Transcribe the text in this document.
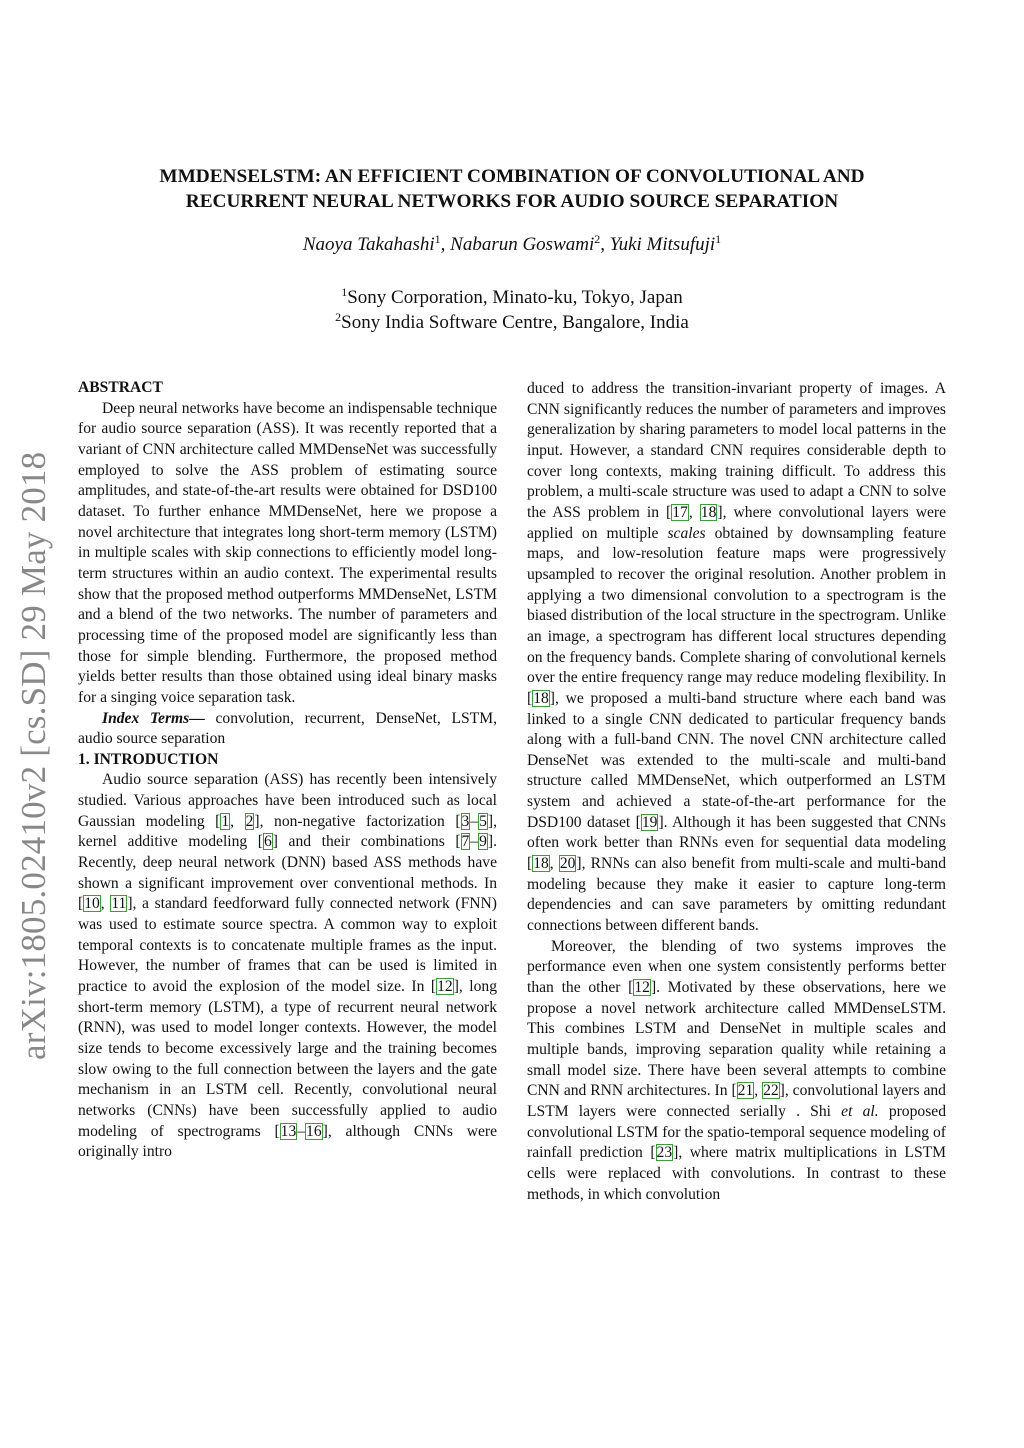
arXiv:1805.02410v2 [cs.SD] 29 May 2018
MMDENSELSTM: AN EFFICIENT COMBINATION OF CONVOLUTIONAL AND
RECURRENT NEURAL NETWORKS FOR AUDIO SOURCE SEPARATION
Naoya Takahashi$^1$, Nabarun Goswami$^2$, Yuki Mitsufuji$^1$
$^1$Sony Corporation, Minato-ku, Tokyo, Japan
$^2$Sony India Software Centre, Bangalore, India

ABSTRACT

Deep neural networks have become an indispensable technique for audio source separation (ASS). It was recently reported that a variant of CNN architecture called MMDenseNet was successfully employed to solve the ASS problem of estimating source amplitudes, and state-of-the-art results were obtained for DSD100 dataset. To further enhance MMDenseNet, here we propose a novel architecture that integrates long short-term memory (LSTM) in multiple scales with skip connections to efficiently model long-term structures within an audio context. The experimental results show that the proposed method outperforms MMDenseNet, LSTM and a blend of the two networks. The number of parameters and processing time of the proposed model are significantly less than those for simple blending. Furthermore, the proposed method yields better results than those obtained using ideal binary masks for a singing voice separation task.

Index Terms— convolution, recurrent, DenseNet, LSTM, audio source separation

1. INTRODUCTION

Audio source separation (ASS) has recently been intensively studied. Various approaches have been introduced such as local Gaussian modeling [1, 2], non-negative factorization [3–5], kernel additive modeling [6] and their combinations [7–9]. Recently, deep neural network (DNN) based ASS methods have shown a significant improvement over conventional methods. In [10, 11], a standard feedforward fully connected network (FNN) was used to estimate source spectra. A common way to exploit temporal contexts is to concatenate multiple frames as the input. However, the number of frames that can be used is limited in practice to avoid the explosion of the model size. In [12], long short-term memory (LSTM), a type of recurrent neural network (RNN), was used to model longer contexts. However, the model size tends to become excessively large and the training becomes slow owing to the full connection between the layers and the gate mechanism in an LSTM cell. Recently, convolutional neural networks (CNNs) have been successfully applied to audio modeling of spectrograms [13–16], although CNNs were originally intro

duced to address the transition-invariant property of images. A CNN significantly reduces the number of parameters and improves generalization by sharing parameters to model local patterns in the input. However, a standard CNN requires considerable depth to cover long contexts, making training difficult. To address this problem, a multi-scale structure was used to adapt a CNN to solve the ASS problem in [17, 18], where convolutional layers were applied on multiple scales obtained by downsampling feature maps, and low-resolution feature maps were progressively upsampled to recover the original resolution. Another problem in applying a two dimensional convolution to a spectrogram is the biased distribution of the local structure in the spectrogram. Unlike an image, a spectrogram has different local structures depending on the frequency bands. Complete sharing of convolutional kernels over the entire frequency range may reduce modeling flexibility. In [18], we proposed a multi-band structure where each band was linked to a single CNN dedicated to particular frequency bands along with a full-band CNN. The novel CNN architecture called DenseNet was extended to the multi-scale and multi-band structure called MMDenseNet, which outperformed an LSTM system and achieved a state-of-the-art performance for the DSD100 dataset [19]. Although it has been suggested that CNNs often work better than RNNs even for sequential data modeling [18, 20], RNNs can also benefit from multi-scale and multi-band modeling because they make it easier to capture long-term dependencies and can save parameters by omitting redundant connections between different bands.

Moreover, the blending of two systems improves the performance even when one system consistently performs better than the other [12]. Motivated by these observations, here we propose a novel network architecture called MMDenseLSTM. This combines LSTM and DenseNet in multiple scales and multiple bands, improving separation quality while retaining a small model size. There have been several attempts to combine CNN and RNN architectures. In [21, 22], convolutional layers and LSTM layers were connected serially . Shi et al. proposed convolutional LSTM for the spatio-temporal sequence modeling of rainfall prediction [23], where matrix multiplications in LSTM cells were replaced with convolutions. In contrast to these methods, in which convolution
